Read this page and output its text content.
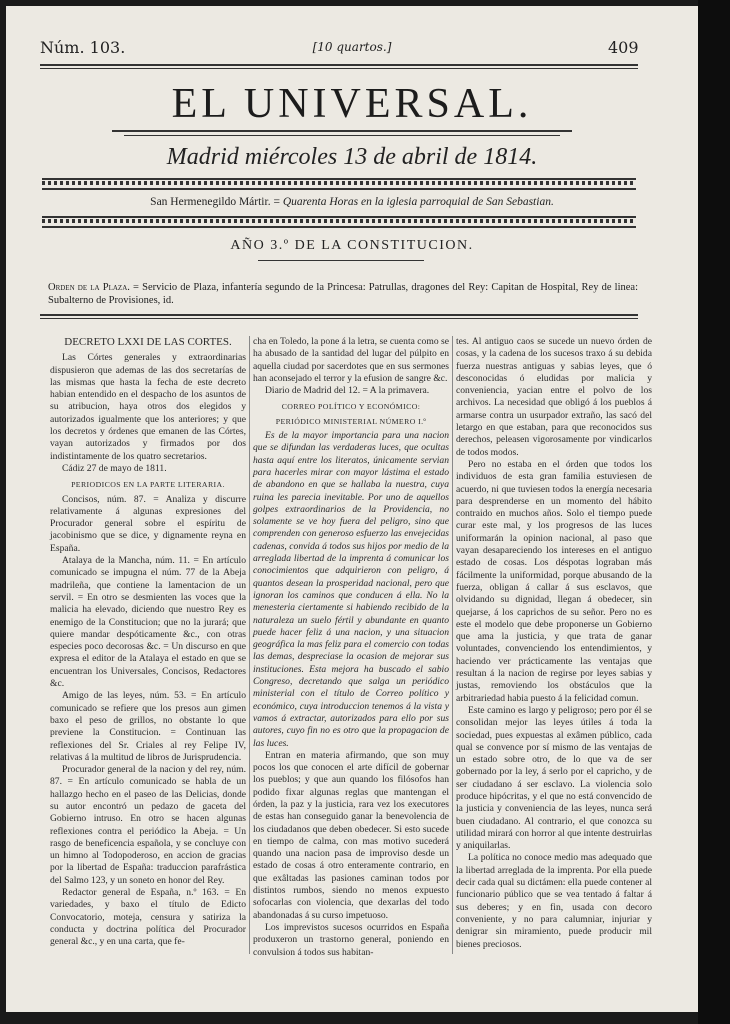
Núm. 103.	[10 quartos.]	409
EL UNIVERSAL.
Madrid miércoles 13 de abril de 1814.
San Hermenegildo Mártir. = Quarenta Horas en la iglesia parroquial de San Sebastian.
AÑO 3.º DE LA CONSTITUCION.
Orden de la Plaza. = Servicio de Plaza, infantería segundo de la Princesa: Patrullas, dragones del Rey: Capitan de Hospital, Rey de linea: Subalterno de Provisiones, id.

DECRETO LXXI DE LAS CORTES.

Las Córtes generales y extraordinarias dispusieron que ademas de las dos secretarías de las mismas que hasta la fecha de este decreto habian entendido en el despacho de los asuntos de su atribucion, haya otros dos elegidos y autorizados igualmente que los anteriores; y que los decretos y órdenes que emanen de las Córtes, vayan autorizados y firmados por dos indistintamente de los quatro secretarios.

Cádiz 27 de mayo de 1811.

PERIODICOS EN LA PARTE LITERARIA.

Concisos, núm. 87. = Analiza y discurre relativamente á algunas expresiones del Procurador general sobre el espíritu de jacobinismo que se dice, y dignamente reyna en España.

Atalaya de la Mancha, núm. 11. = En artículo comunicado se impugna el núm. 77 de la Abeja madrileña, que contiene la lamentacion de un servil. = En otro se desmienten las voces que la malicia ha elevado, diciendo que nuestro Rey es enemigo de la Constitucion; que no la jurará; que quiere mandar despóticamente &c., con otras especies poco decorosas &c. = Un discurso en que expresa el editor de la Atalaya el estado en que se encuentran los Universales, Concisos, Redactores &c.

Amigo de las leyes, núm. 53. = En artículo comunicado se refiere que los presos aun gimen baxo el peso de grillos, no obstante lo que previene la Constitucion. = Continuan las reflexiones del Sr. Criales al rey Felipe IV, relativas á la multitud de libros de Jurisprudencia.

Procurador general de la nacion y del rey, núm. 87. = En artículo comunicado se habla de un hallazgo hecho en el paseo de las Delicias, donde su autor encontró un pedazo de gaceta del Gobierno intruso. En otro se hacen algunas reflexiones contra el periódico la Abeja. = Un rasgo de beneficencia española, y se concluye con un himno al Todopoderoso, en accion de gracias por la libertad de España: traduccion parafrástica del Salmo 123, y un soneto en honor del Rey.

Redactor general de España, n.º 163. = En variedades, y baxo el título de Edicto Convocatorio, moteja, censura y satiriza la conducta y doctrina política del Procurador general &c., y en una carta, que fe-

cha en Toledo, la pone á la letra, se cuenta como se ha abusado de la santidad del lugar del púlpito en aquella ciudad por sacerdotes que en sus sermones han aconsejado el terror y la efusion de sangre &c.

Diario de Madrid del 12. = A la primavera.

CORREO POLÍTICO Y ECONÓMICO:

PERIÓDICO MINISTERIAL NÚMERO I.º

Es de la mayor importancia para una nacion que se difundan las verdaderas luces, que ocultas hasta aquí entre los literatos, únicamente servian para hacerles mirar con mayor lástima el estado de abandono en que se hallaba la nuestra, cuya ruina les parecia inevitable. Por uno de aquellos golpes extraordinarios de la Providencia, no solamente se ve hoy fuera del peligro, sino que comprenden con generoso esfuerzo las envejecidas cadenas, convida á todos sus hijos por medio de la arreglada libertad de la imprenta á comunicar los conocimientos que adquirieron con peligro, á quantos desean la prosperidad nacional, pero que ignoran los caminos que conducen á ella. No la menesteria ciertamente si habiendo recibido de la naturaleza un suelo fértil y abundante en quanto puede hacer feliz á una nacion, y una situacion geográfica la mas feliz para el comercio con todas las demas, despreciase la ocasion de mejorar sus instituciones. Esta mejora ha buscado el sabio Congreso, decretando que salga un periódico ministerial con el título de Correo político y económico, cuya introduccion tenemos á la vista y vamos á extractar, autorizados para ello por sus autores, cuyo fin no es otro que la propagacion de las luces.

Entran en materia afirmando, que son muy pocos los que conocen el arte difícil de gobernar los pueblos; y que aun quando los filósofos han podido fixar algunas reglas que mantengan el órden, la paz y la justicia, rara vez los executores de estas han conseguido ganar la benevolencia de los ciudadanos que deben obedecer. Si esto sucede en tiempo de calma, con mas motivo sucederá quando una nacion pasa de improviso desde un estado de cosas á otro enteramente contrario, en que exâltadas las pasiones caminan todos por distintos rumbos, siendo no menos expuesto sofocarlas con violencia, que dexarlas del todo abandonadas á su curso impetuoso.

Los imprevistos sucesos ocurridos en España produxeron un trastorno general, poniendo en convulsion á todos sus habitan-

tes. Al antiguo caos se sucede un nuevo órden de cosas, y la cadena de los sucesos traxo á su debida fuerza nuestras antiguas y sabias leyes, que ó desconocidas ó eludidas por malicia y conveniencia, yacian entre el polvo de los archivos. La necesidad que obligó á los pueblos á armarse contra un usurpador extraño, las sacó del letargo en que estaban, para que reconocidos sus derechos, peleasen vigorosamente por vindicarlos de todos modos.

Pero no estaba en el órden que todos los individuos de esta gran familia estuviesen de acuerdo, ni que tuviesen todos la energía necesaria para desprenderse en un momento del hábito contraido en muchos años. Solo el tiempo puede curar este mal, y los progresos de las luces uniformarán la opinion nacional, al paso que vayan desapareciendo los intereses en el antiguo estado de cosas. Los déspotas lograban más fácilmente la uniformidad, porque abusando de la fuerza, obligan á callar á sus esclavos, que olvidando su dignidad, llegan á obedecer, sin quejarse, á los caprichos de su señor. Pero no es este el modelo que debe proponerse un Gobierno que ama la justicia, y que trata de ganar voluntades, convenciendo los entendimientos, y haciendo ver prácticamente las ventajas que resultan á la nacion de regirse por leyes sabias y justas, removiendo los obstáculos que la arbitrariedad habia puesto á la felicidad comun.

Este camino es largo y peligroso; pero por él se consolidan mejor las leyes útiles á toda la sociedad, pues expuestas al exâmen público, cada qual se convence por sí mismo de las ventajas de un estado sobre otro, de lo que va de ser gobernado por la ley, á serlo por el capricho, y de ser ciudadano á ser esclavo. La violencia solo produce hipócritas, y el que no está convencido de la justicia y conveniencia de las leyes, nunca será buen ciudadano. Al contrario, el que conozca su utilidad mirará con horror al que intente destruirlas y aniquilarlas.

La política no conoce medio mas adequado que la libertad arreglada de la imprenta. Por ella puede decir cada qual su dictámen: ella puede contener al funcionario público que se vea tentado á faltar á sus deberes; y en fin, usada con decoro conveniente, y no para calumniar, injuriar y denigrar sin miramiento, puede producir mil bienes preciosos.
